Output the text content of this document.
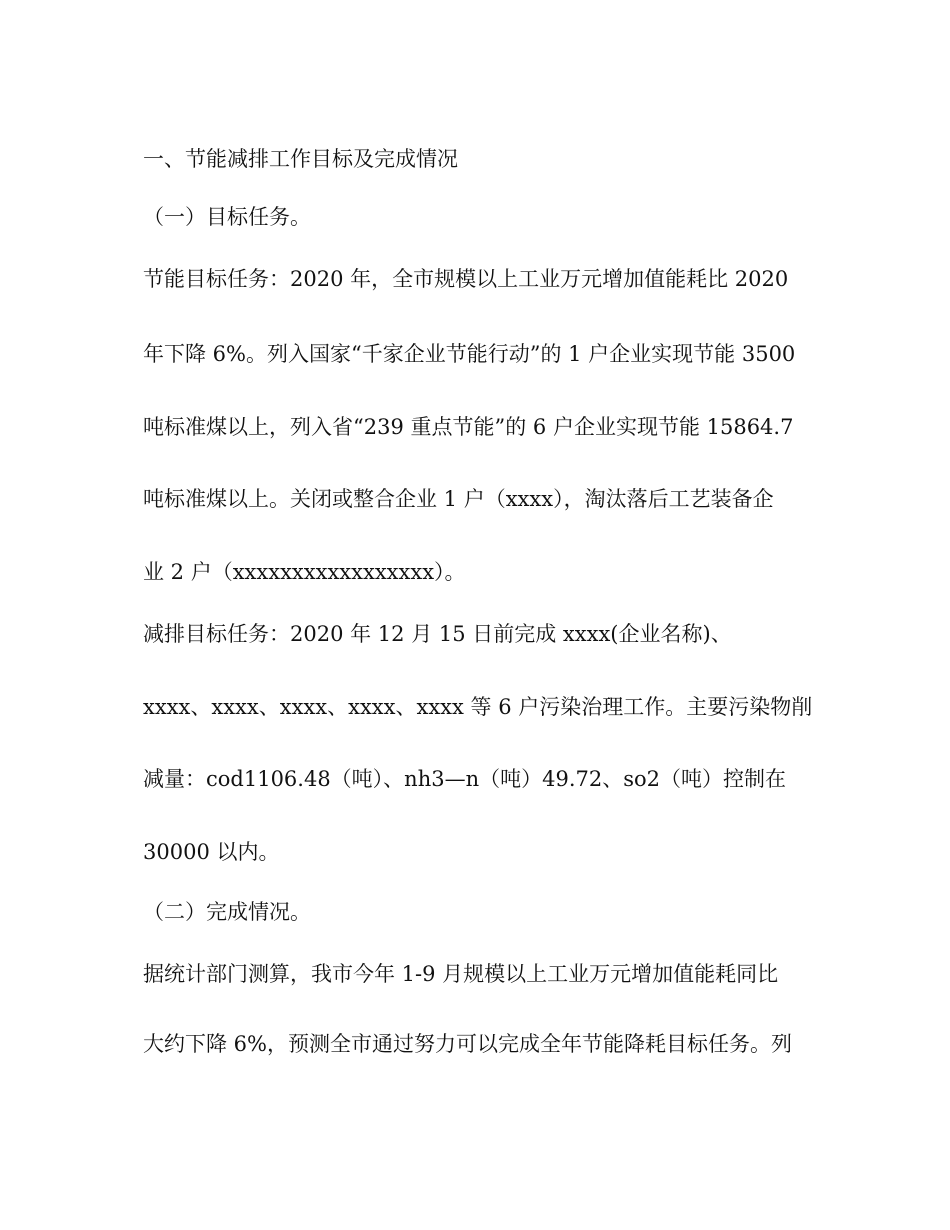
一、节能减排工作目标及完成情况
（一）目标任务。
节能目标任务：2020 年，全市规模以上工业万元增加值能耗比 2020
年下降 6%。列入国家“千家企业节能行动”的 1 户企业实现节能 3500
吨标准煤以上，列入省“239 重点节能”的 6 户企业实现节能 15864.7
吨标准煤以上。关闭或整合企业 1 户（xxxx），淘汰落后工艺装备企
业 2 户（xxxxxxxxxxxxxxxxx）。
减排目标任务：2020 年 12 月 15 日前完成 xxxx(企业名称)、
xxxx、xxxx、xxxx、xxxx、xxxx 等 6 户污染治理工作。主要污染物削
减量：cod1106.48（吨）、nh3—n（吨）49.72、so2（吨）控制在
30000 以内。
（二）完成情况。
据统计部门测算，我市今年 1-9 月规模以上工业万元增加值能耗同比
大约下降 6%，预测全市通过努力可以完成全年节能降耗目标任务。列
